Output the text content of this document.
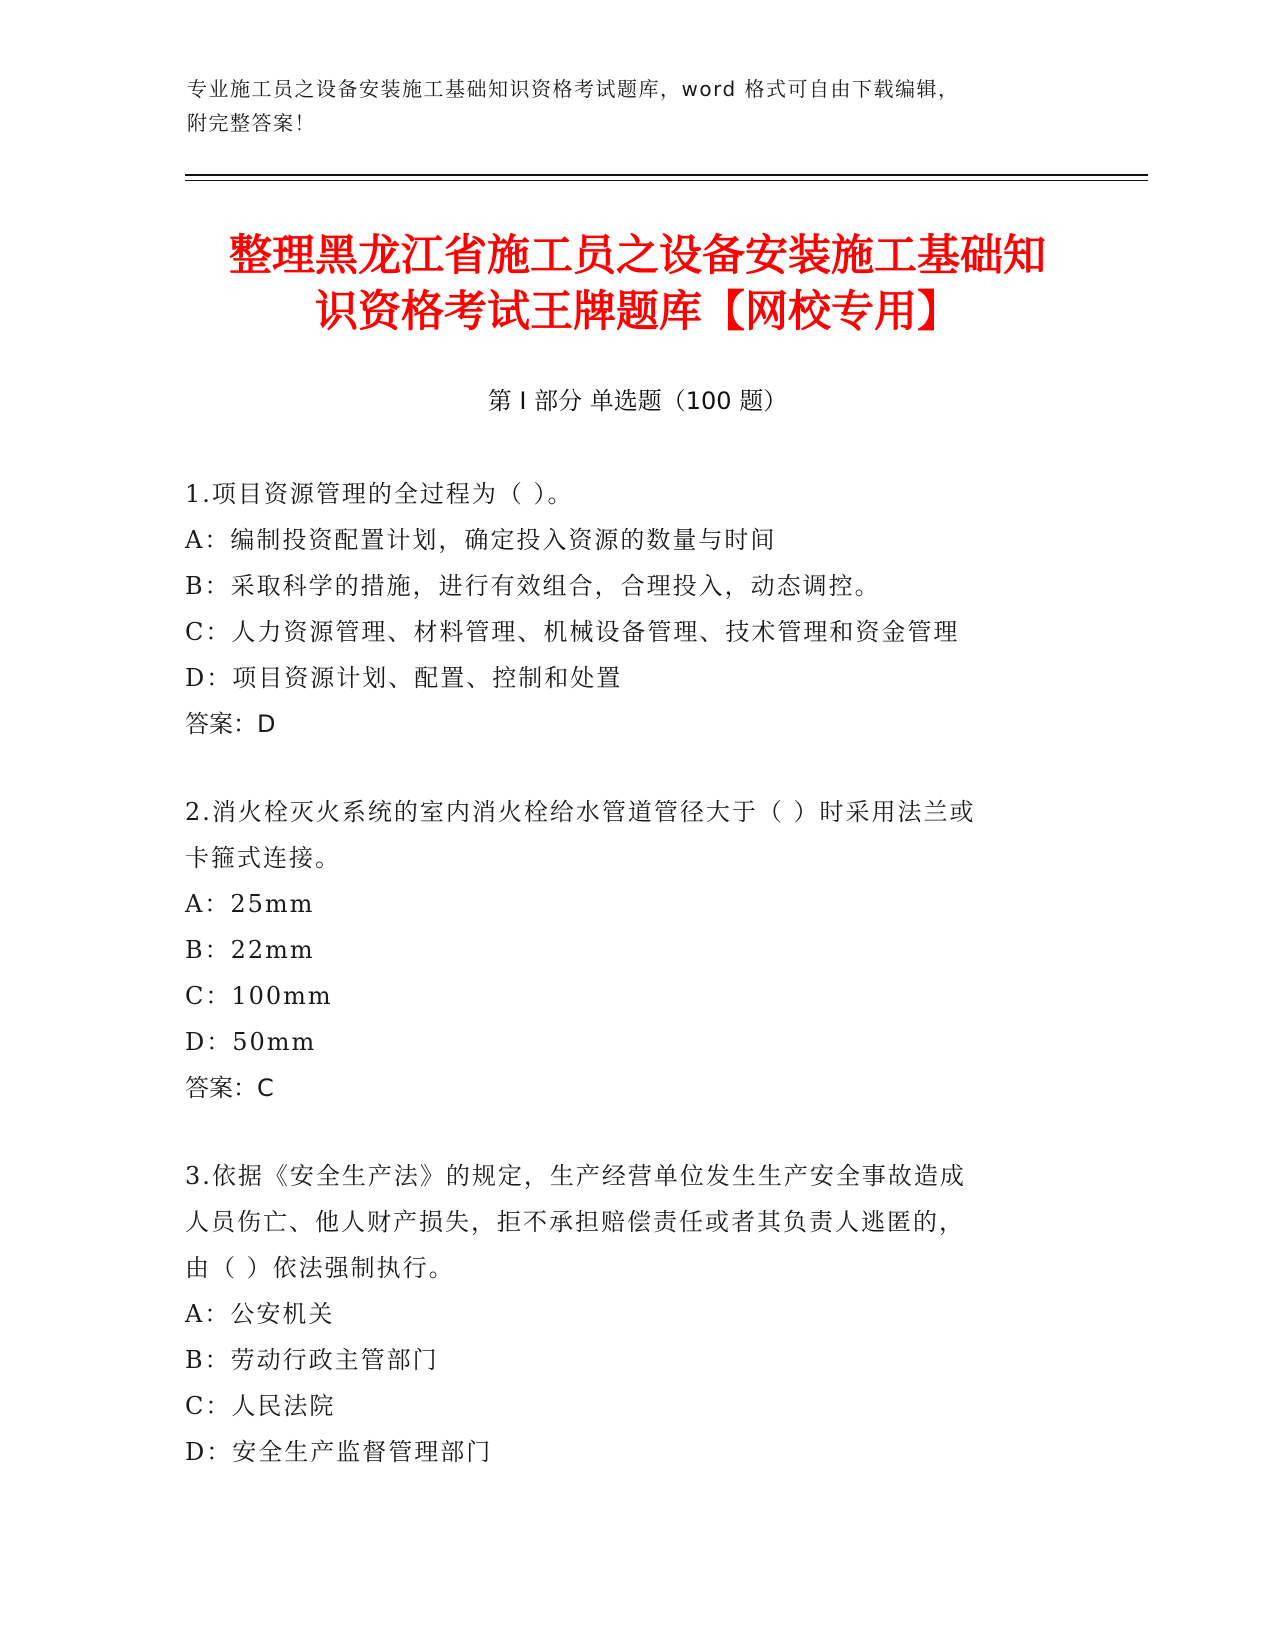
专业施工员之设备安装施工基础知识资格考试题库，word 格式可自由下载编辑，
附完整答案！
整理黑龙江省施工员之设备安装施工基础知
识资格考试王牌题库【网校专用】
第 I 部分 单选题（100 题）
1.项目资源管理的全过程为（ ）。
A：编制投资配置计划，确定投入资源的数量与时间
B：采取科学的措施，进行有效组合，合理投入，动态调控。
C：人力资源管理、材料管理、机械设备管理、技术管理和资金管理
D：项目资源计划、配置、控制和处置
答案：D
2.消火栓灭火系统的室内消火栓给水管道管径大于（ ）时采用法兰或
卡箍式连接。
A：25mm
B：22mm
C：100mm
D：50mm
答案：C
3.依据《安全生产法》的规定，生产经营单位发生生产安全事故造成
人员伤亡、他人财产损失，拒不承担赔偿责任或者其负责人逃匿的，
由（ ）依法强制执行。
A：公安机关
B：劳动行政主管部门
C：人民法院
D：安全生产监督管理部门
